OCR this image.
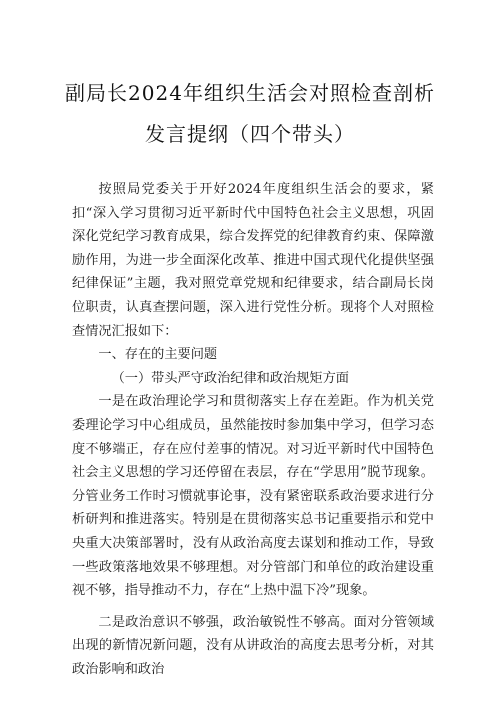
副局长2024年组织生活会对照检查剖析
发言提纲（四个带头）

按照局党委关于开好2024年度组织生活会的要求，紧扣“深入学习贯彻习近平新时代中国特色社会主义思想，巩固深化党纪学习教育成果，综合发挥党的纪律教育约束、保障激励作用，为进一步全面深化改革、推进中国式现代化提供坚强纪律保证”主题，我对照党章党规和纪律要求，结合副局长岗位职责，认真查摆问题，深入进行党性分析。现将个人对照检查情况汇报如下：

一、存在的主要问题

（一）带头严守政治纪律和政治规矩方面

一是在政治理论学习和贯彻落实上存在差距。作为机关党委理论学习中心组成员，虽然能按时参加集中学习，但学习态度不够端正，存在应付差事的情况。对习近平新时代中国特色社会主义思想的学习还停留在表层，存在“学思用”脱节现象。分管业务工作时习惯就事论事，没有紧密联系政治要求进行分析研判和推进落实。特别是在贯彻落实总书记重要指示和党中央重大决策部署时，没有从政治高度去谋划和推动工作，导致一些政策落地效果不够理想。对分管部门和单位的政治建设重视不够，指导推动不力，存在“上热中温下冷”现象。

二是政治意识不够强，政治敏锐性不够高。面对分管领域出现的新情况新问题，没有从讲政治的高度去思考分析，对其政治影响和政治
